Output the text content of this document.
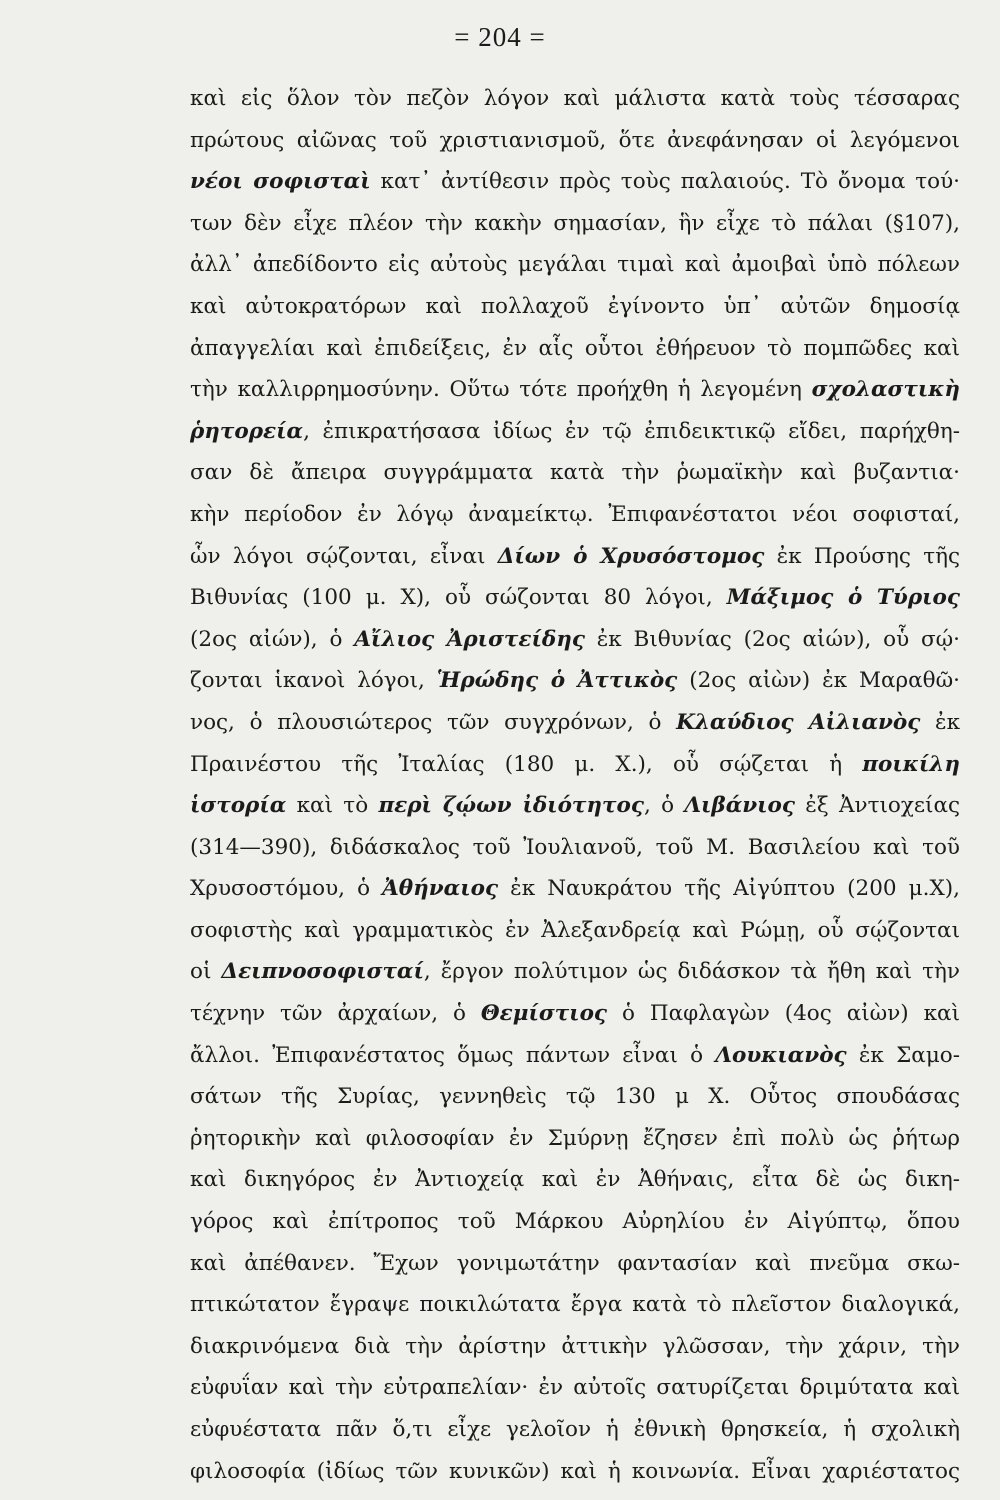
= 204 =
καὶ εἰς ὅλον τὸν πεζὸν λόγον καὶ μάλιστα κατὰ τοὺς τέσσαρας
πρώτους αἰῶνας τοῦ χριστιανισμοῦ, ὅτε ἀνεφάνησαν οἱ λεγόμενοι
νέοι σοφισταὶ κατ᾿ ἀντίθεσιν πρὸς τοὺς παλαιούς. Τὸ ὄνομα τού·
των δὲν εἶχε πλέον τὴν κακὴν σημασίαν, ἣν εἶχε τὸ πάλαι (§107),
ἀλλ᾿ ἀπεδίδοντο εἰς αὐτοὺς μεγάλαι τιμαὶ καὶ ἀμοιβαὶ ὑπὸ πόλεων
καὶ αὐτοκρατόρων καὶ πολλαχοῦ ἐγίνοντο ὑπ᾿ αὐτῶν δημοσίᾳ
ἀπαγγελίαι καὶ ἐπιδείξεις, ἐν αἷς οὗτοι ἐθήρευον τὸ πομπῶδες καὶ
τὴν καλλιρρημοσύνην. Οὕτω τότε προήχθη ἡ λεγομένη σχολαστικὴ
ῥητορεία, ἐπικρατήσασα ἰδίως ἐν τῷ ἐπιδεικτικῷ εἴδει, παρήχθη-
σαν δὲ ἄπειρα συγγράμματα κατὰ τὴν ῥωμαϊκὴν καὶ βυζαντια·
κὴν περίοδον ἐν λόγῳ ἀναμείκτῳ. Ἐπιφανέστατοι νέοι σοφισταί,
ὧν λόγοι σῴζονται, εἶναι Δίων ὁ Χρυσόστομος ἐκ Προύσης τῆς
Βιθυνίας (100 μ. Χ), οὗ σώζονται 80 λόγοι, Μάξιμος ὁ Τύριος
(2ος αἰών), ὁ Αἴλιος Ἀριστείδης ἐκ Βιθυνίας (2ος αἰών), οὗ σῴ·
ζονται ἱκανοὶ λόγοι, Ἡρώδης ὁ Ἀττικὸς (2ος αἰὼν) ἐκ Μαραθῶ·
νος, ὁ πλουσιώτερος τῶν συγχρόνων, ὁ Κλαύδιος Αἰλιανὸς ἐκ
Πραινέστου τῆς Ἰταλίας (180 μ. Χ.), οὗ σῴζεται ἡ ποικίλη
ἱστορία καὶ τὸ περὶ ζῴων ἰδιότητος, ὁ Λιβάνιος ἐξ Ἀντιοχείας
(314—390), διδάσκαλος τοῦ Ἰουλιανοῦ, τοῦ Μ. Βασιλείου καὶ τοῦ
Χρυσοστόμου, ὁ Ἀθήναιος ἐκ Ναυκράτου τῆς Αἰγύπτου (200 μ.Χ),
σοφιστὴς καὶ γραμματικὸς ἐν Ἀλεξανδρείᾳ καὶ Ρώμῃ, οὗ σῴζονται
οἱ Δειπνοσοφισταί, ἔργον πολύτιμον ὡς διδάσκον τὰ ἤθη καὶ τὴν
τέχνην τῶν ἀρχαίων, ὁ Θεμίστιος ὁ Παφλαγὼν (4ος αἰὼν) καὶ
ἄλλοι. Ἐπιφανέστατος ὅμως πάντων εἶναι ὁ Λουκιανὸς ἐκ Σαμο-
σάτων τῆς Συρίας, γεννηθεὶς τῷ 130 μ Χ. Οὗτος σπουδάσας
ῥητορικὴν καὶ φιλοσοφίαν ἐν Σμύρνῃ ἔζησεν ἐπὶ πολὺ ὡς ῥήτωρ
καὶ δικηγόρος ἐν Ἀντιοχείᾳ καὶ ἐν Ἀθήναις, εἶτα δὲ ὡς δικη-
γόρος καὶ ἐπίτροπος τοῦ Μάρκου Αὐρηλίου ἐν Αἰγύπτῳ, ὅπου
καὶ ἀπέθανεν. Ἔχων γονιμωτάτην φαντασίαν καὶ πνεῦμα σκω-
πτικώτατον ἔγραψε ποικιλώτατα ἔργα κατὰ τὸ πλεῖστον διαλογικά,
διακρινόμενα διὰ τὴν ἀρίστην ἀττικὴν γλῶσσαν, τὴν χάριν, τὴν
εὐφυΐαν καὶ τὴν εὐτραπελίαν· ἐν αὐτοῖς σατυρίζεται δριμύτατα καὶ
εὐφυέστατα πᾶν ὅ,τι εἶχε γελοῖον ἡ ἐθνικὴ θρησκεία, ἡ σχολικὴ
φιλοσοφία (ἰδίως τῶν κυνικῶν) καὶ ἡ κοινωνία. Εἶναι χαριέστατος
